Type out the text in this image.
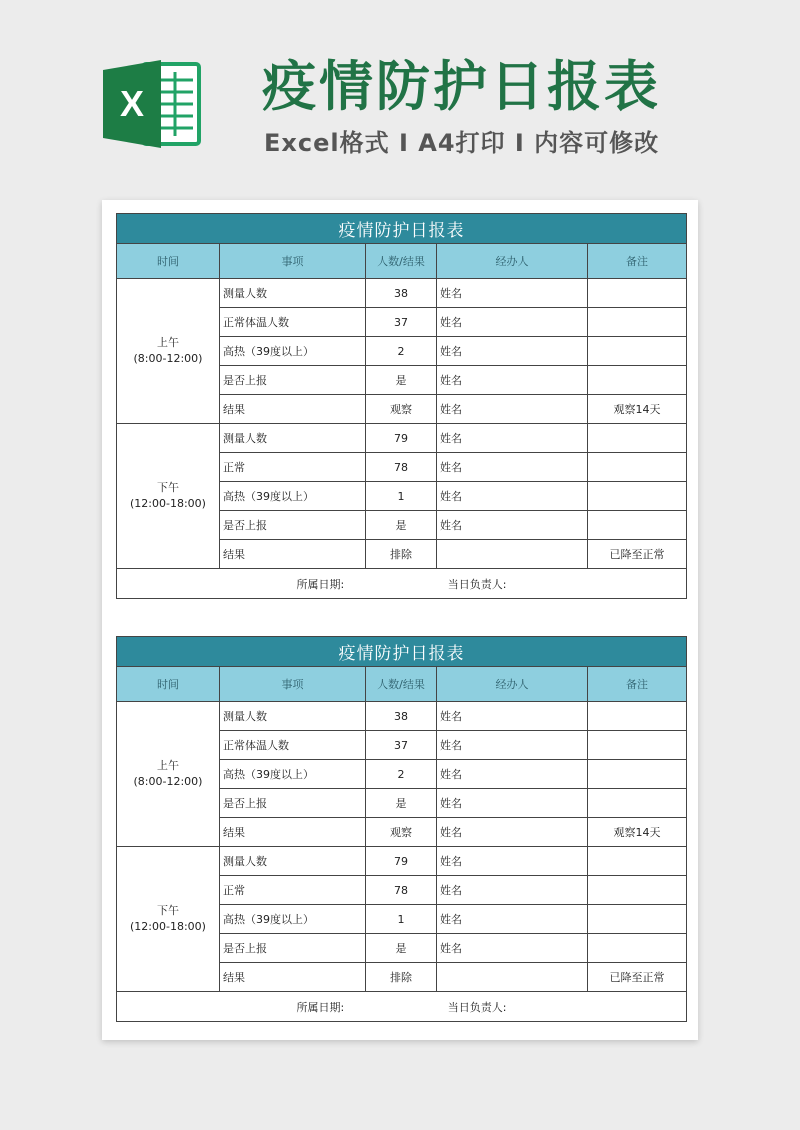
X 疫情防护日报表
Excel格式 I A4打印 I 内容可修改
疫情防护日报表				
时间	事项	人数/结果	经办人	备注

上午
(8:00-12:00)	测量人数	38	姓名	
	正常体温人数	37	姓名	
	高热（39度以上）	2	姓名	
	是否上报	是	姓名	
	结果	观察	姓名	观察14天

下午
(12:00-18:00)	测量人数	79	姓名	
	正常	78	姓名	
	高热（39度以上）	1	姓名	
	是否上报	是	姓名	
	结果	排除		已降至正常
所属日期: 当日负责人:				
疫情防护日报表				
时间	事项	人数/结果	经办人	备注

上午
(8:00-12:00)	测量人数	38	姓名	
	正常体温人数	37	姓名	
	高热（39度以上）	2	姓名	
	是否上报	是	姓名	
	结果	观察	姓名	观察14天

下午
(12:00-18:00)	测量人数	79	姓名	
	正常	78	姓名	
	高热（39度以上）	1	姓名	
	是否上报	是	姓名	
	结果	排除		已降至正常
所属日期: 当日负责人:				
